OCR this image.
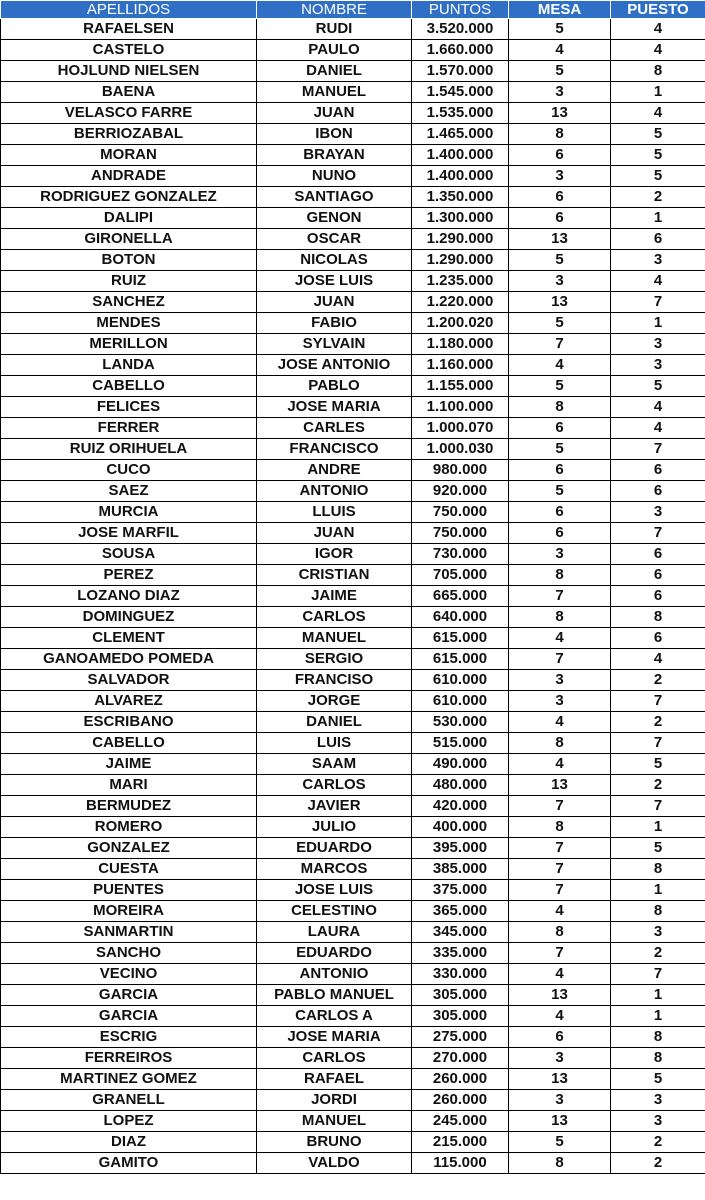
APELLIDOS	NOMBRE	PUNTOS	MESA	PUESTO
RAFAELSEN	RUDI	3.520.000	5	4
CASTELO	PAULO	1.660.000	4	4
HOJLUND NIELSEN	DANIEL	1.570.000	5	8
BAENA	MANUEL	1.545.000	3	1
VELASCO FARRE	JUAN	1.535.000	13	4
BERRIOZABAL	IBON	1.465.000	8	5
MORAN	BRAYAN	1.400.000	6	5
ANDRADE	NUNO	1.400.000	3	5
RODRIGUEZ GONZALEZ	SANTIAGO	1.350.000	6	2
DALIPI	GENON	1.300.000	6	1
GIRONELLA	OSCAR	1.290.000	13	6
BOTON	NICOLAS	1.290.000	5	3
RUIZ	JOSE LUIS	1.235.000	3	4
SANCHEZ	JUAN	1.220.000	13	7
MENDES	FABIO	1.200.020	5	1
MERILLON	SYLVAIN	1.180.000	7	3
LANDA	JOSE ANTONIO	1.160.000	4	3
CABELLO	PABLO	1.155.000	5	5
FELICES	JOSE MARIA	1.100.000	8	4
FERRER	CARLES	1.000.070	6	4
RUIZ ORIHUELA	FRANCISCO	1.000.030	5	7
CUCO	ANDRE	980.000	6	6
SAEZ	ANTONIO	920.000	5	6
MURCIA	LLUIS	750.000	6	3
JOSE MARFIL	JUAN	750.000	6	7
SOUSA	IGOR	730.000	3	6
PEREZ	CRISTIAN	705.000	8	6
LOZANO DIAZ	JAIME	665.000	7	6
DOMINGUEZ	CARLOS	640.000	8	8
CLEMENT	MANUEL	615.000	4	6
GANOAMEDO POMEDA	SERGIO	615.000	7	4
SALVADOR	FRANCISO	610.000	3	2
ALVAREZ	JORGE	610.000	3	7
ESCRIBANO	DANIEL	530.000	4	2
CABELLO	LUIS	515.000	8	7
JAIME	SAAM	490.000	4	5
MARI	CARLOS	480.000	13	2
BERMUDEZ	JAVIER	420.000	7	7
ROMERO	JULIO	400.000	8	1
GONZALEZ	EDUARDO	395.000	7	5
CUESTA	MARCOS	385.000	7	8
PUENTES	JOSE LUIS	375.000	7	1
MOREIRA	CELESTINO	365.000	4	8
SANMARTIN	LAURA	345.000	8	3
SANCHO	EDUARDO	335.000	7	2
VECINO	ANTONIO	330.000	4	7
GARCIA	PABLO MANUEL	305.000	13	1
GARCIA	CARLOS A	305.000	4	1
ESCRIG	JOSE MARIA	275.000	6	8
FERREIROS	CARLOS	270.000	3	8
MARTINEZ GOMEZ	RAFAEL	260.000	13	5
GRANELL	JORDI	260.000	3	3
LOPEZ	MANUEL	245.000	13	3
DIAZ	BRUNO	215.000	5	2
GAMITO	VALDO	115.000	8	2
